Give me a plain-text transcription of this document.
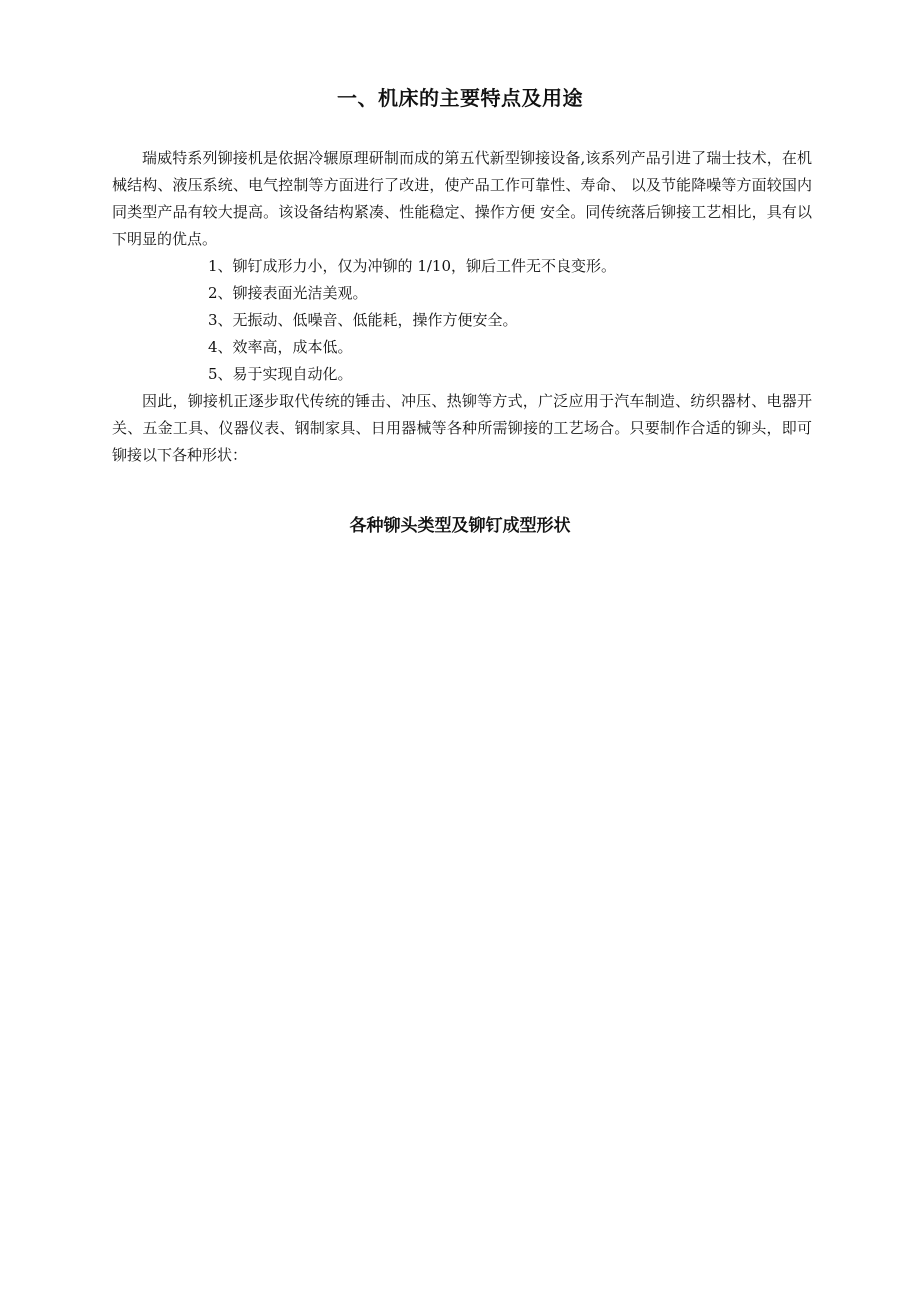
一、机床的主要特点及用途

瑞威特系列铆接机是依据冷辗原理研制而成的第五代新型铆接设备,该系列产品引进了瑞士技术，在机械结构、液压系统、电气控制等方面进行了改进，使产品工作可靠性、寿命、 以及节能降噪等方面较国内同类型产品有较大提高。该设备结构紧凑、性能稳定、操作方便 安全。同传统落后铆接工艺相比，具有以下明显的优点。

1、铆钉成形力小，仅为冲铆的 1/10，铆后工件无不良变形。
2、铆接表面光洁美观。
3、无振动、低噪音、低能耗，操作方便安全。
4、效率高，成本低。
5、易于实现自动化。

因此，铆接机正逐步取代传统的锤击、冲压、热铆等方式，广泛应用于汽车制造、纺织器材、电器开关、五金工具、仪器仪表、钢制家具、日用器械等各种所需铆接的工艺场合。只要制作合适的铆头，即可铆接以下各种形状：

各种铆头类型及铆钉成型形状
